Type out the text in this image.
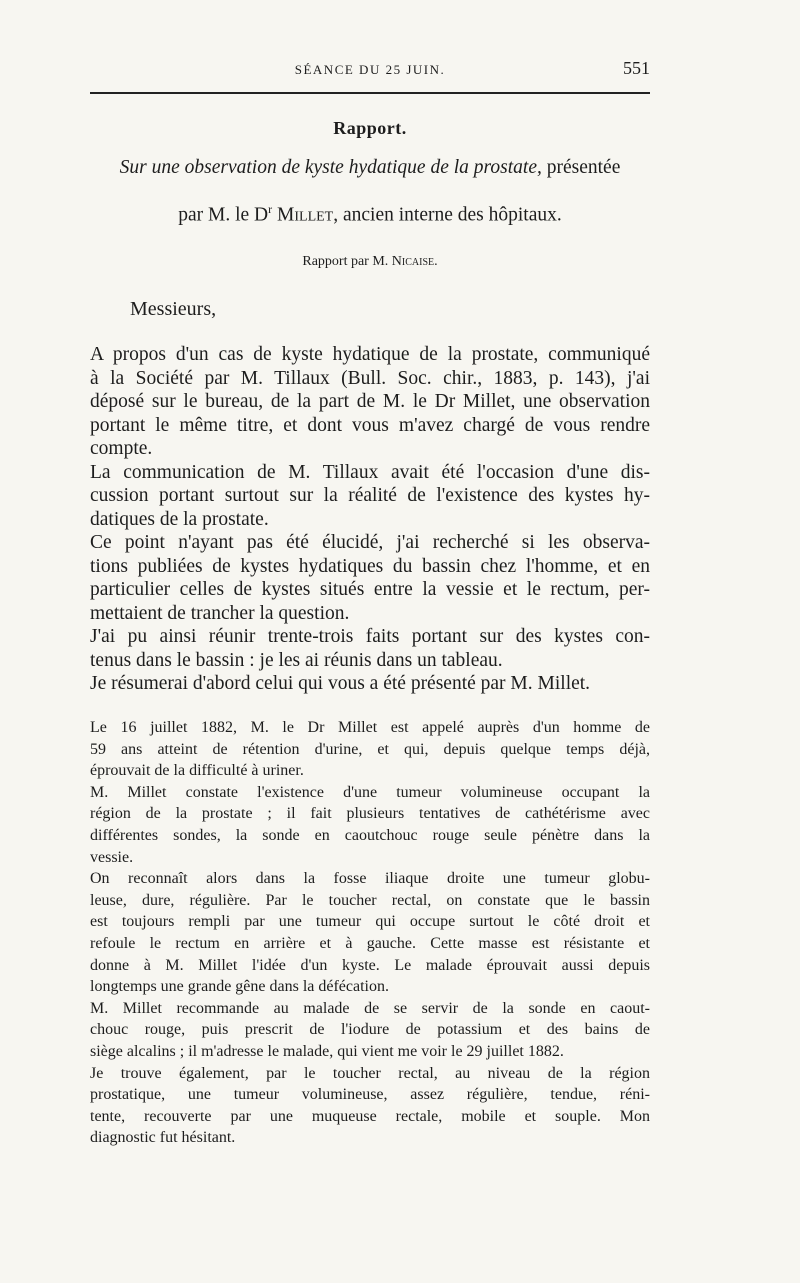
SÉANCE DU 25 JUIN.	551
Rapport.
Sur une observation de kyste hydatique de la prostate, présentée
par M. le $D^r$ Millet, ancien interne des hôpitaux.
Rapport par M. Nicaise.
Messieurs,
A propos d'un cas de kyste hydatique de la prostate, communiqué
à la Société par M. Tillaux (Bull. Soc. chir., 1883, p. 143), j'ai
déposé sur le bureau, de la part de M. le Dr Millet, une observation
portant le même titre, et dont vous m'avez chargé de vous rendre
compte.
La communication de M. Tillaux avait été l'occasion d'une dis-
cussion portant surtout sur la réalité de l'existence des kystes hy-
datiques de la prostate.
Ce point n'ayant pas été élucidé, j'ai recherché si les observa-
tions publiées de kystes hydatiques du bassin chez l'homme, et en
particulier celles de kystes situés entre la vessie et le rectum, per-
mettaient de trancher la question.
J'ai pu ainsi réunir trente-trois faits portant sur des kystes con-
tenus dans le bassin : je les ai réunis dans un tableau.
Je résumerai d'abord celui qui vous a été présenté par M. Millet.
Le 16 juillet 1882, M. le Dr Millet est appelé auprès d'un homme de
59 ans atteint de rétention d'urine, et qui, depuis quelque temps déjà,
éprouvait de la difficulté à uriner.
M. Millet constate l'existence d'une tumeur volumineuse occupant la
région de la prostate ; il fait plusieurs tentatives de cathétérisme avec
différentes sondes, la sonde en caoutchouc rouge seule pénètre dans la
vessie.
On reconnaît alors dans la fosse iliaque droite une tumeur globu-
leuse, dure, régulière. Par le toucher rectal, on constate que le bassin
est toujours rempli par une tumeur qui occupe surtout le côté droit et
refoule le rectum en arrière et à gauche. Cette masse est résistante et
donne à M. Millet l'idée d'un kyste. Le malade éprouvait aussi depuis
longtemps une grande gêne dans la défécation.
M. Millet recommande au malade de se servir de la sonde en caout-
chouc rouge, puis prescrit de l'iodure de potassium et des bains de
siège alcalins ; il m'adresse le malade, qui vient me voir le 29 juillet 1882.
Je trouve également, par le toucher rectal, au niveau de la région
prostatique, une tumeur volumineuse, assez régulière, tendue, réni-
tente, recouverte par une muqueuse rectale, mobile et souple. Mon
diagnostic fut hésitant.
